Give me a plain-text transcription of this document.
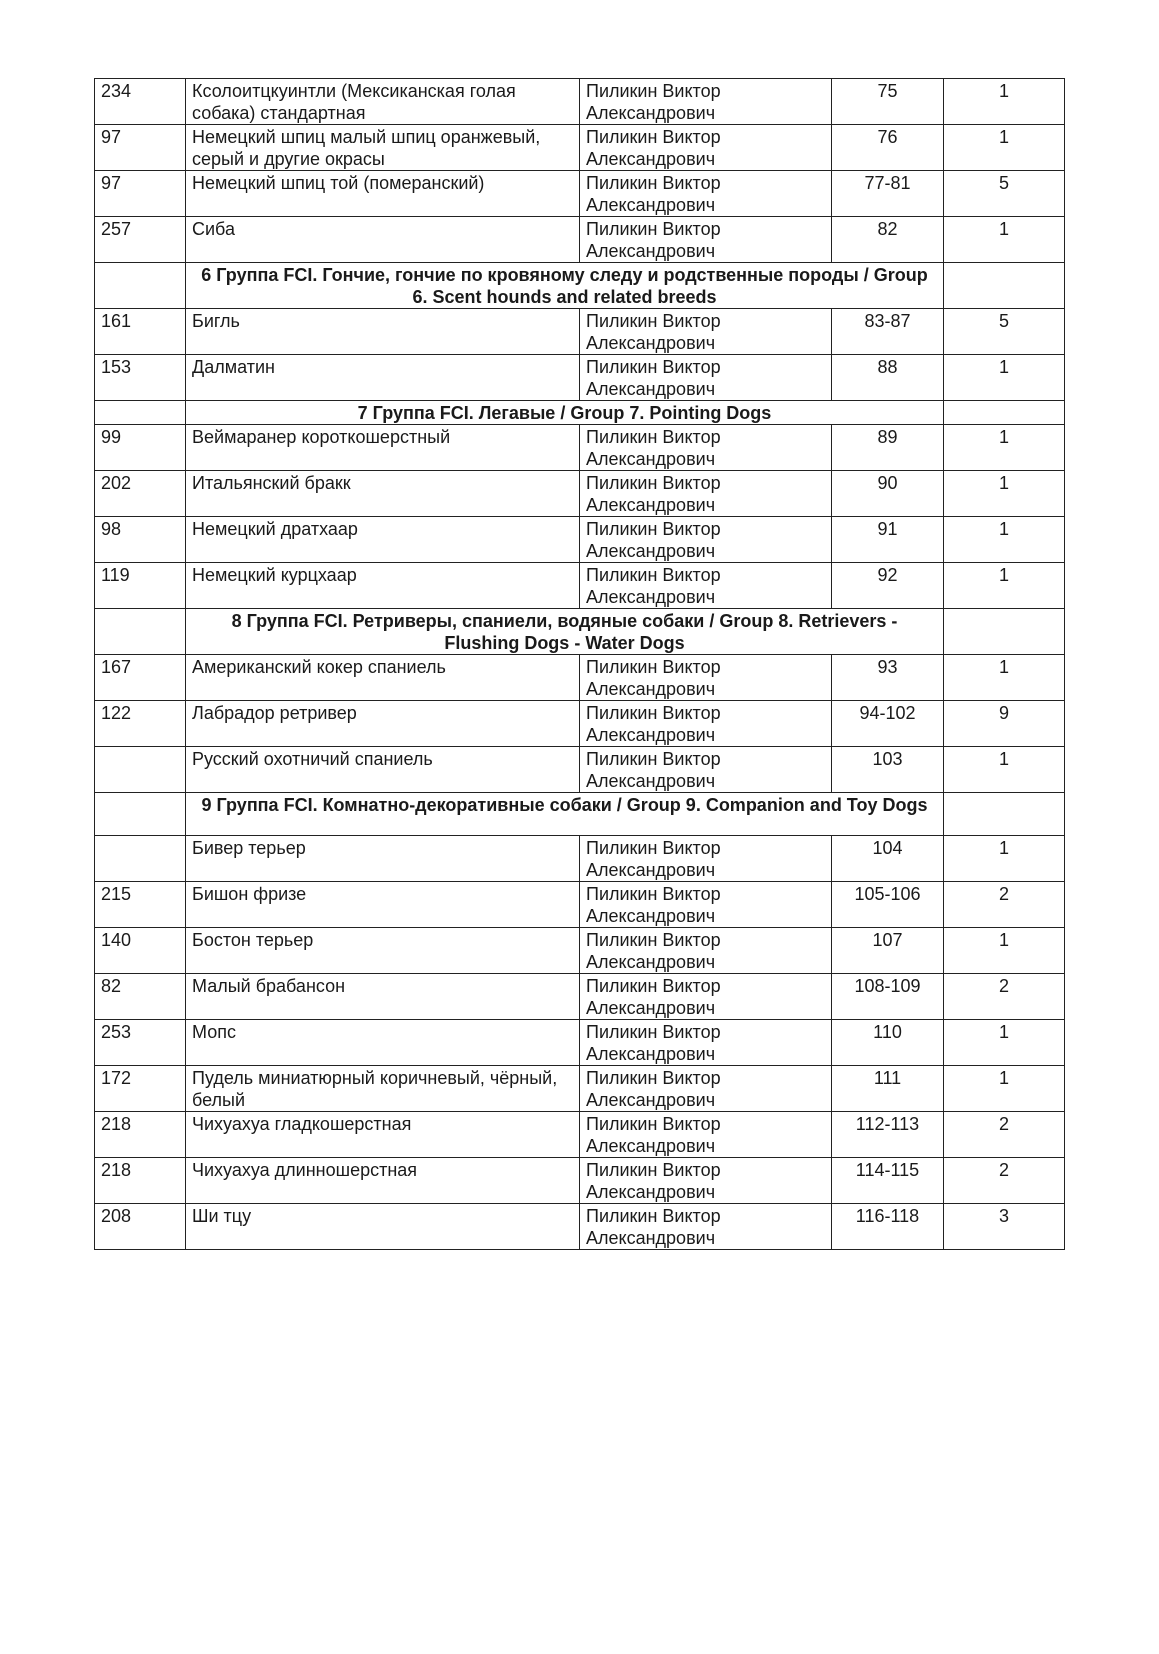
234	Ксолоитцкуинтли (Мексиканская голая собака) стандартная	Пиликин Виктор Александрович	75	1
97	Немецкий шпиц малый шпиц оранжевый, серый и другие окрасы	Пиликин Виктор Александрович	76	1
97	Немецкий шпиц той (померанский)	Пиликин Виктор Александрович	77-81	5
257	Сиба	Пиликин Виктор Александрович	82	1
	6 Группа FCI. Гончие, гончие по кровяному следу и родственные породы / Group 6. Scent hounds and related breeds			
161	Бигль	Пиликин Виктор Александрович	83-87	5
153	Далматин	Пиликин Виктор Александрович	88	1
	7 Группа FCI. Легавые / Group 7. Pointing Dogs			
99	Веймаранер короткошерстный	Пиликин Виктор Александрович	89	1
202	Итальянский бракк	Пиликин Виктор Александрович	90	1
98	Немецкий дратхаар	Пиликин Виктор Александрович	91	1
119	Немецкий курцхаар	Пиликин Виктор Александрович	92	1
	8 Группа FCI. Ретриверы, спаниели, водяные собаки / Group 8. Retrievers - Flushing Dogs - Water Dogs			
167	Американский кокер спаниель	Пиликин Виктор Александрович	93	1
122	Лабрадор ретривер	Пиликин Виктор Александрович	94-102	9
	Русский охотничий спаниель	Пиликин Виктор Александрович	103	1
	9 Группа FCI. Комнатно-декоративные собаки / Group 9. Companion and Toy Dogs			
	Бивер терьер	Пиликин Виктор Александрович	104	1
215	Бишон фризе	Пиликин Виктор Александрович	105-106	2
140	Бостон терьер	Пиликин Виктор Александрович	107	1
82	Малый брабансон	Пиликин Виктор Александрович	108-109	2
253	Мопс	Пиликин Виктор Александрович	110	1
172	Пудель миниатюрный коричневый, чёрный, белый	Пиликин Виктор Александрович	111	1
218	Чихуахуа гладкошерстная	Пиликин Виктор Александрович	112-113	2
218	Чихуахуа длинношерстная	Пиликин Виктор Александрович	114-115	2
208	Ши тцу	Пиликин Виктор Александрович	116-118	3
